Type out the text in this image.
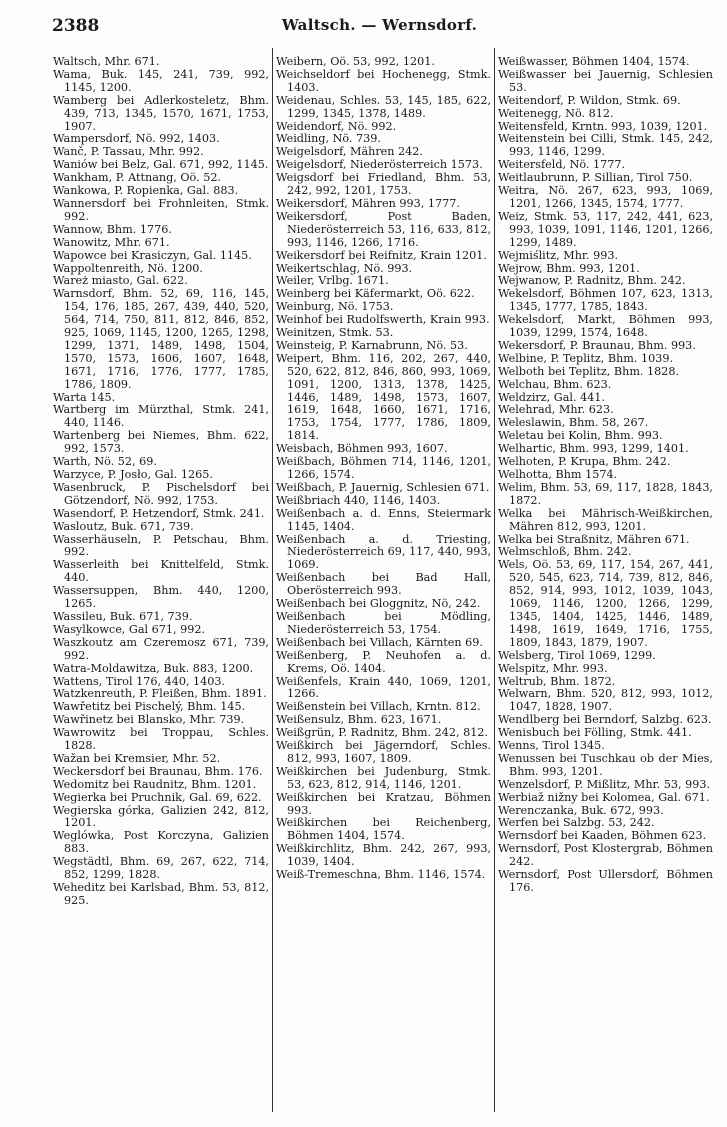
2388	Waltsch. — Wernsdorf.

Waltsch, Mhr. 671.

Wama, Buk. 145, 241, 739, 992, 1145, 1200.

Wamberg bei Adlerkosteletz, Bhm. 439, 713, 1345, 1570, 1671, 1753, 1907.

Wampersdorf, Nö. 992, 1403.

Wanč, P. Tassau, Mhr. 992.

Waniów bei Belz, Gal. 671, 992, 1145.

Wankham, P. Attnang, Oö. 52.

Wankowa, P. Ropienka, Gal. 883.

Wannersdorf bei Frohnleiten, Stmk. 992.

Wannow, Bhm. 1776.

Wanowitz, Mhr. 671.

Wapowce bei Krasiczyn, Gal. 1145.

Wappoltenreith, Nö. 1200.

Wareż miasto, Gal. 622.

Warnsdorf, Bhm. 52, 69, 116, 145, 154, 176, 185, 267, 439, 440, 520, 564, 714, 750, 811, 812, 846, 852, 925, 1069, 1145, 1200, 1265, 1298, 1299, 1371, 1489, 1498, 1504, 1570, 1573, 1606, 1607, 1648, 1671, 1716, 1776, 1777, 1785, 1786, 1809.

Warta 145.

Wartberg im Mürzthal, Stmk. 241, 440, 1146.

Wartenberg bei Niemes, Bhm. 622, 992, 1573.

Warth, Nö. 52, 69.

Warzyce, P. Josło, Gal. 1265.

Wasenbruck, P. Pischelsdorf bei Götzendorf, Nö. 992, 1753.

Wasendorf, P. Hetzendorf, Stmk. 241.

Wasloutz, Buk. 671, 739.

Wasserhäuseln, P. Petschau, Bhm. 992.

Wasserleith bei Knittelfeld, Stmk. 440.

Wassersuppen, Bhm. 440, 1200, 1265.

Wassileu, Buk. 671, 739.

Wasylkowce, Gal 671, 992.

Waszkoutz am Czeremosz 671, 739, 992.

Watra-Moldawitza, Buk. 883, 1200.

Wattens, Tirol 176, 440, 1403.

Watzkenreuth, P. Fleißen, Bhm. 1891.

Wawřetitz bei Pischelý, Bhm. 145.

Wawřinetz bei Blansko, Mhr. 739.

Wawrowitz bei Troppau, Schles. 1828.

Wažan bei Kremsier, Mhr. 52.

Weckersdorf bei Braunau, Bhm. 176.

Wedomitz bei Raudnitz, Bhm. 1201.

Wegierka bei Pruchnik, Gal. 69, 622.

Wegierska górka, Galizien 242, 812, 1201.

Weglówka, Post Korczyna, Galizien 883.

Wegstädtl, Bhm. 69, 267, 622, 714, 852, 1299, 1828.

Weheditz bei Karlsbad, Bhm. 53, 812, 925.

Weibern, Oö. 53, 992, 1201.

Weichseldorf bei Hochenegg, Stmk. 1403.

Weidenau, Schles. 53, 145, 185, 622, 1299, 1345, 1378, 1489.

Weidendorf, Nö. 992.

Weidling, Nö. 739.

Weigelsdorf, Mähren 242.

Weigelsdorf, Niederösterreich 1573.

Weigsdorf bei Friedland, Bhm. 53, 242, 992, 1201, 1753.

Weikersdorf, Mähren 993, 1777.

Weikersdorf, Post Baden, Niederösterreich 53, 116, 633, 812, 993, 1146, 1266, 1716.

Weikersdorf bei Reifnitz, Krain 1201.

Weikertschlag, Nö. 993.

Weiler, Vrlbg. 1671.

Weinberg bei Käfermarkt, Oö. 622.

Weinburg, Nö. 1753.

Weinhof bei Rudolfswerth, Krain 993.

Weinitzen, Stmk. 53.

Weinsteig, P. Karnabrunn, Nö. 53.

Weipert, Bhm. 116, 202, 267, 440, 520, 622, 812, 846, 860, 993, 1069, 1091, 1200, 1313, 1378, 1425, 1446, 1489, 1498, 1573, 1607, 1619, 1648, 1660, 1671, 1716, 1753, 1754, 1777, 1786, 1809, 1814.

Weisbach, Böhmen 993, 1607.

Weißbach, Böhmen 714, 1146, 1201, 1266, 1574.

Weißbach, P. Jauernig, Schlesien 671.

Weißbriach 440, 1146, 1403.

Weißenbach a. d. Enns, Steiermark 1145, 1404.

Weißenbach a. d. Triesting, Niederösterreich 69, 117, 440, 993, 1069.

Weißenbach bei Bad Hall, Oberösterreich 993.

Weißenbach bei Gloggnitz, Nö, 242.

Weißenbach bei Mödling, Niederösterreich 53, 1754.

Weißenbach bei Villach, Kärnten 69.

Weißenberg, P. Neuhofen a. d. Krems, Oö. 1404.

Weißenfels, Krain 440, 1069, 1201, 1266.

Weißenstein bei Villach, Krntn. 812.

Weißensulz, Bhm. 623, 1671.

Weißgrün, P. Radnitz, Bhm. 242, 812.

Weißkirch bei Jägerndorf, Schles. 812, 993, 1607, 1809.

Weißkirchen bei Judenburg, Stmk. 53, 623, 812, 914, 1146, 1201.

Weißkirchen bei Kratzau, Böhmen 993.

Weißkirchen bei Reichenberg, Böhmen 1404, 1574.

Weißkirchlitz, Bhm. 242, 267, 993, 1039, 1404.

Weiß-Tremeschna, Bhm. 1146, 1574.

Weißwasser, Böhmen 1404, 1574.

Weißwasser bei Jauernig, Schlesien 53.

Weitendorf, P. Wildon, Stmk. 69.

Weitenegg, Nö. 812.

Weitensfeld, Krntn. 993, 1039, 1201.

Weitenstein bei Cilli, Stmk. 145, 242, 993, 1146, 1299.

Weitersfeld, Nö. 1777.

Weitlaubrunn, P. Sillian, Tirol 750.

Weitra, Nö. 267, 623, 993, 1069, 1201, 1266, 1345, 1574, 1777.

Weiz, Stmk. 53, 117, 242, 441, 623, 993, 1039, 1091, 1146, 1201, 1266, 1299, 1489.

Wejmiślitz, Mhr. 993.

Wejrow, Bhm. 993, 1201.

Wejwanow, P. Radnitz, Bhm. 242.

Wekelsdorf, Böhmen 107, 623, 1313, 1345, 1777, 1785, 1843.

Wekelsdorf, Markt, Böhmen 993, 1039, 1299, 1574, 1648.

Wekersdorf, P. Braunau, Bhm. 993.

Welbine, P. Teplitz, Bhm. 1039.

Welboth bei Teplitz, Bhm. 1828.

Welchau, Bhm. 623.

Weldzirz, Gal. 441.

Welehrad, Mhr. 623.

Weleslawin, Bhm. 58, 267.

Weletau bei Kolin, Bhm. 993.

Welhartic, Bhm. 993, 1299, 1401.

Welhoten, P. Krupa, Bhm. 242.

Welhotta, Bhm 1574.

Welim, Bhm. 53, 69, 117, 1828, 1843, 1872.

Welka bei Mährisch-Weißkirchen, Mähren 812, 993, 1201.

Welka bei Straßnitz, Mähren 671.

Welmschloß, Bhm. 242.

Wels, Oö. 53, 69, 117, 154, 267, 441, 520, 545, 623, 714, 739, 812, 846, 852, 914, 993, 1012, 1039, 1043, 1069, 1146, 1200, 1266, 1299, 1345, 1404, 1425, 1446, 1489, 1498, 1619, 1649, 1716, 1755, 1809, 1843, 1879, 1907.

Welsberg, Tirol 1069, 1299.

Welspitz, Mhr. 993.

Weltrub, Bhm. 1872.

Welwarn, Bhm. 520, 812, 993, 1012, 1047, 1828, 1907.

Wendlberg bei Berndorf, Salzbg. 623.

Wenisbuch bei Fölling, Stmk. 441.

Wenns, Tirol 1345.

Wenussen bei Tuschkau ob der Mies, Bhm. 993, 1201.

Wenzelsdorf, P. Mißlitz, Mhr. 53, 993.

Werbiaž nižny bei Kolomea, Gal. 671.

Werenczanka, Buk. 672, 993.

Werfen bei Salzbg. 53, 242.

Wernsdorf bei Kaaden, Böhmen 623.

Wernsdorf, Post Klostergrab, Böhmen 242.

Wernsdorf, Post Ullersdorf, Böhmen 176.
